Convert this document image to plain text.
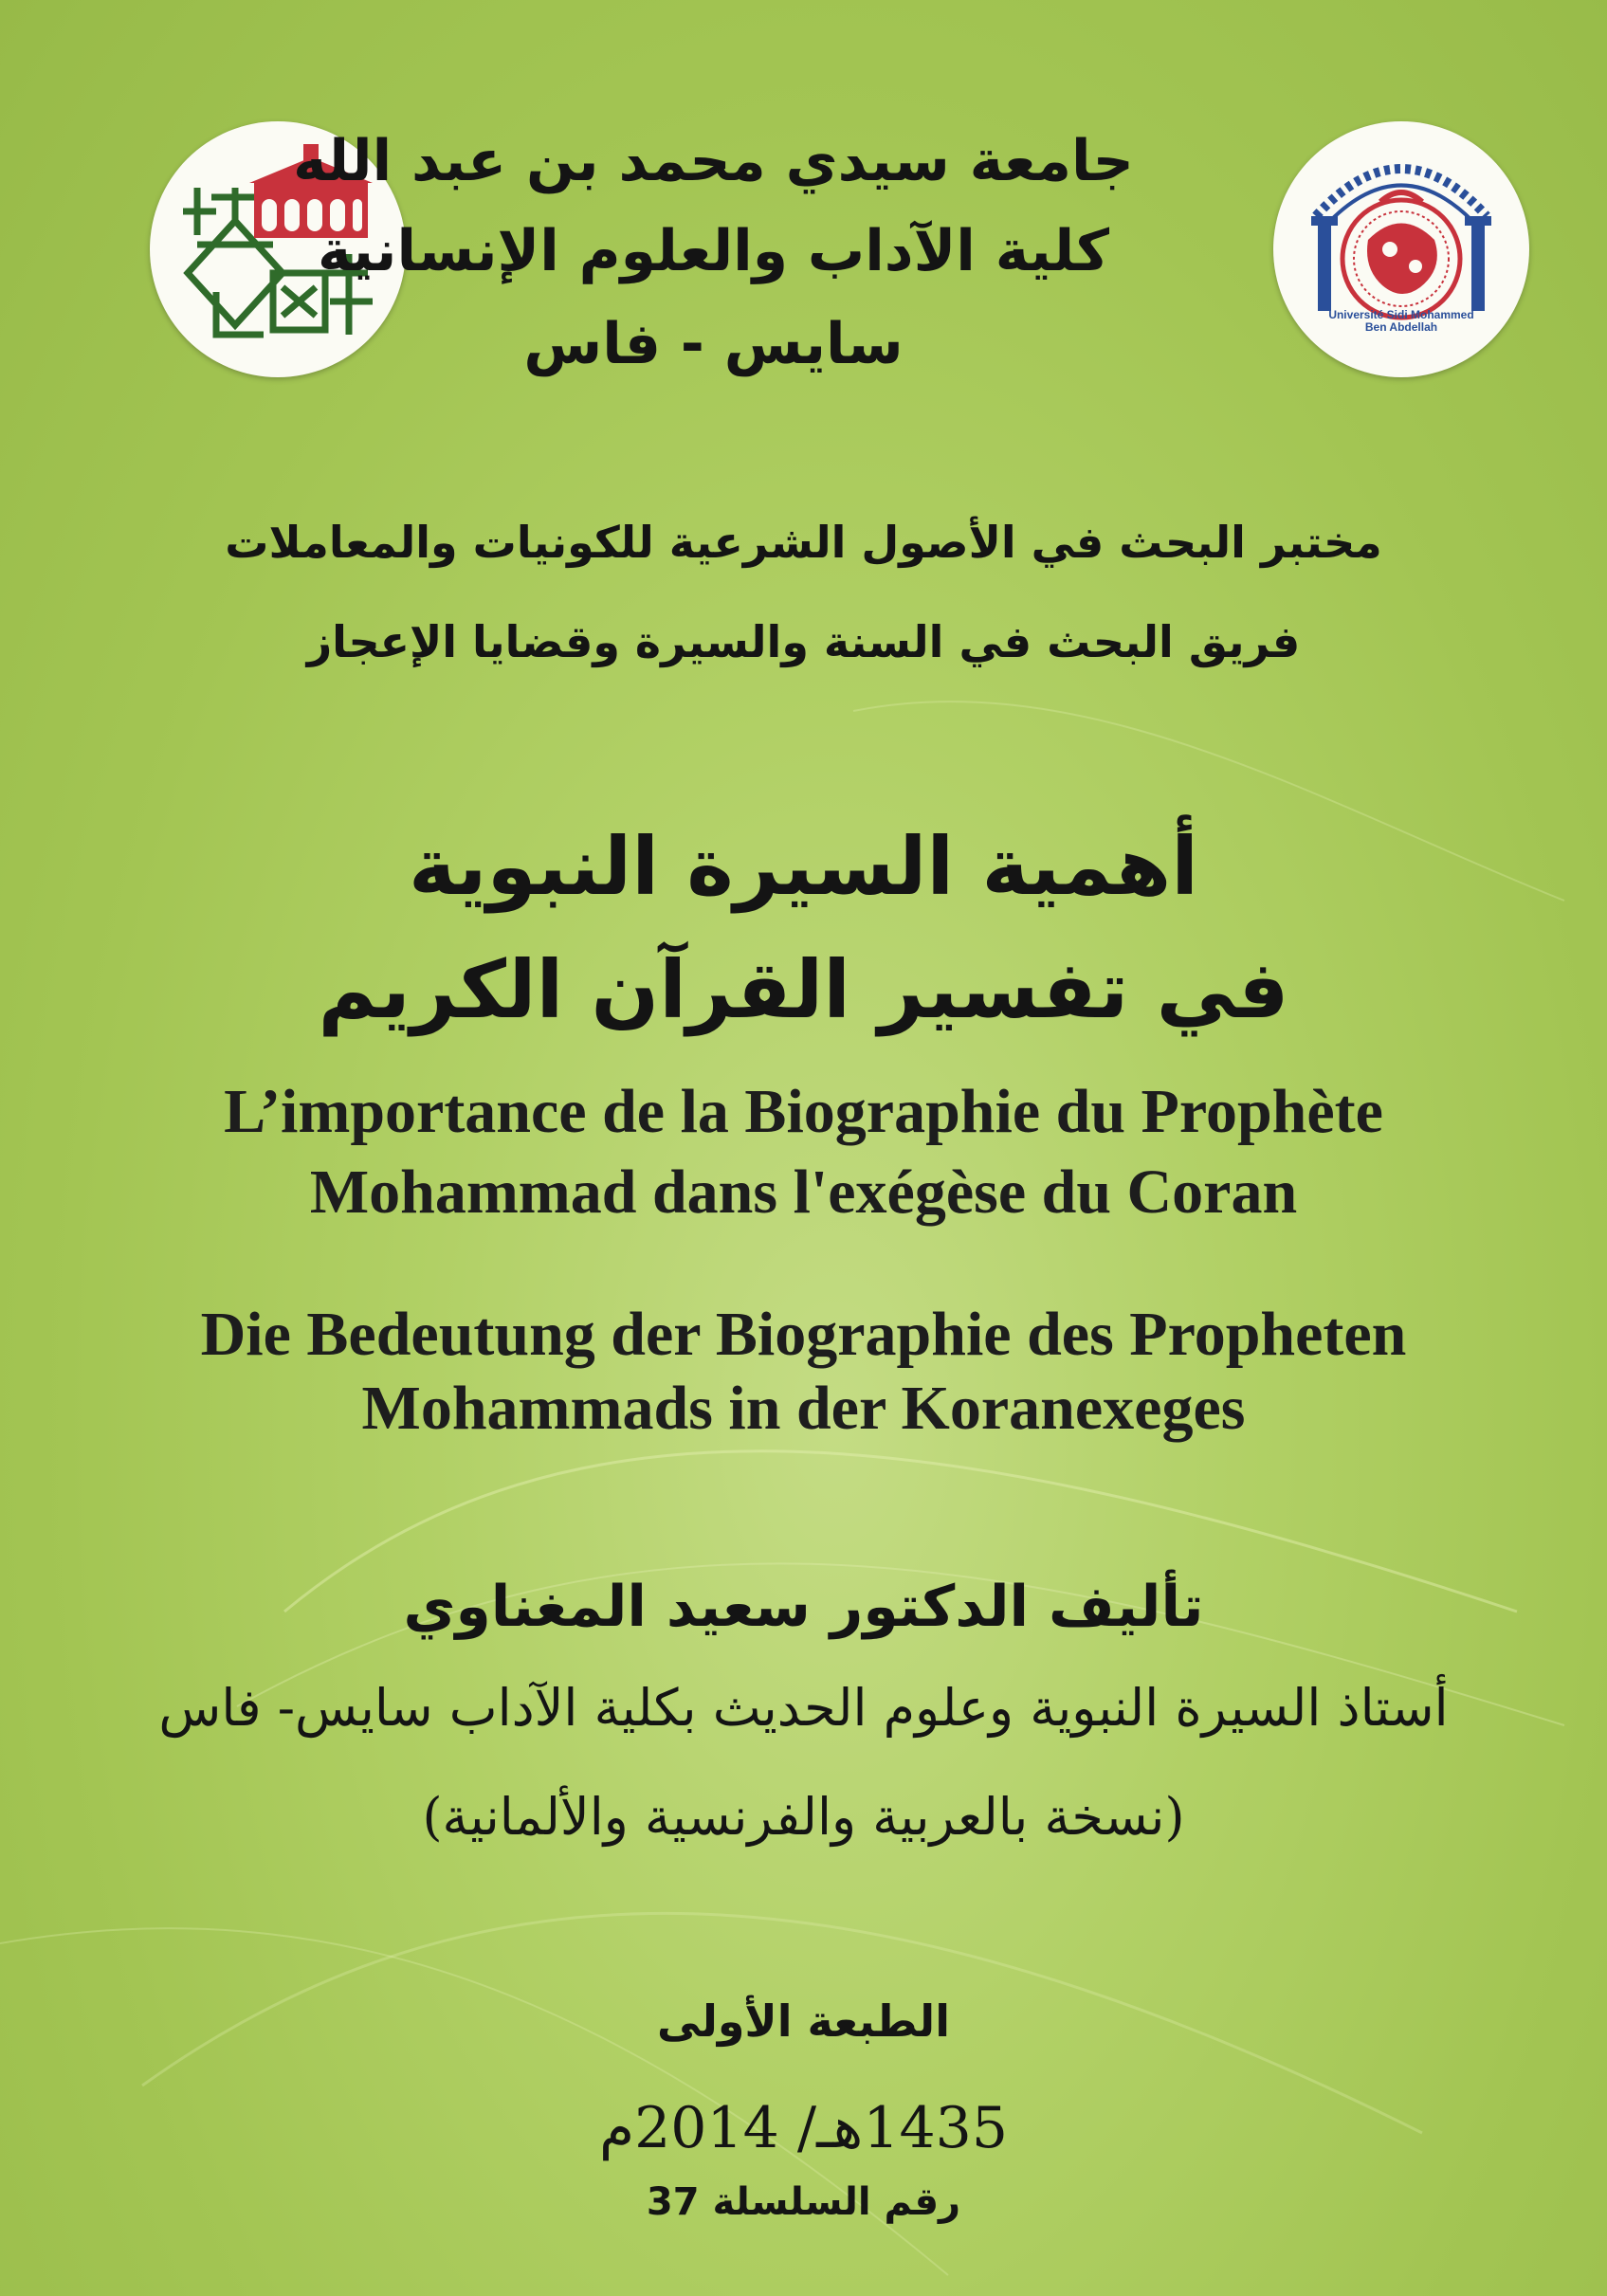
Université Sidi Mohammed
Ben Abdellah
جامعة سيدي محمد بن عبد الله
كلية الآداب والعلوم الإنسانية
سايس - فاس
مختبر البحث في الأصول الشرعية للكونيات والمعاملات
فريق البحث في السنة والسيرة وقضايا الإعجاز
أهمية السيرة النبوية
في تفسير القرآن الكريم
L’importance de la Biographie du Prophète
Mohammad dans l'exégèse du Coran
Die Bedeutung der Biographie des Propheten
Mohammads in der Koranexeges
تأليف الدكتور سعيد المغناوي
أستاذ السيرة النبوية وعلوم الحديث بكلية الآداب سايس- فاس
(نسخة بالعربية والفرنسية والألمانية)
الطبعة الأولى
1435هـ/ 2014م
رقم السلسلة 37
